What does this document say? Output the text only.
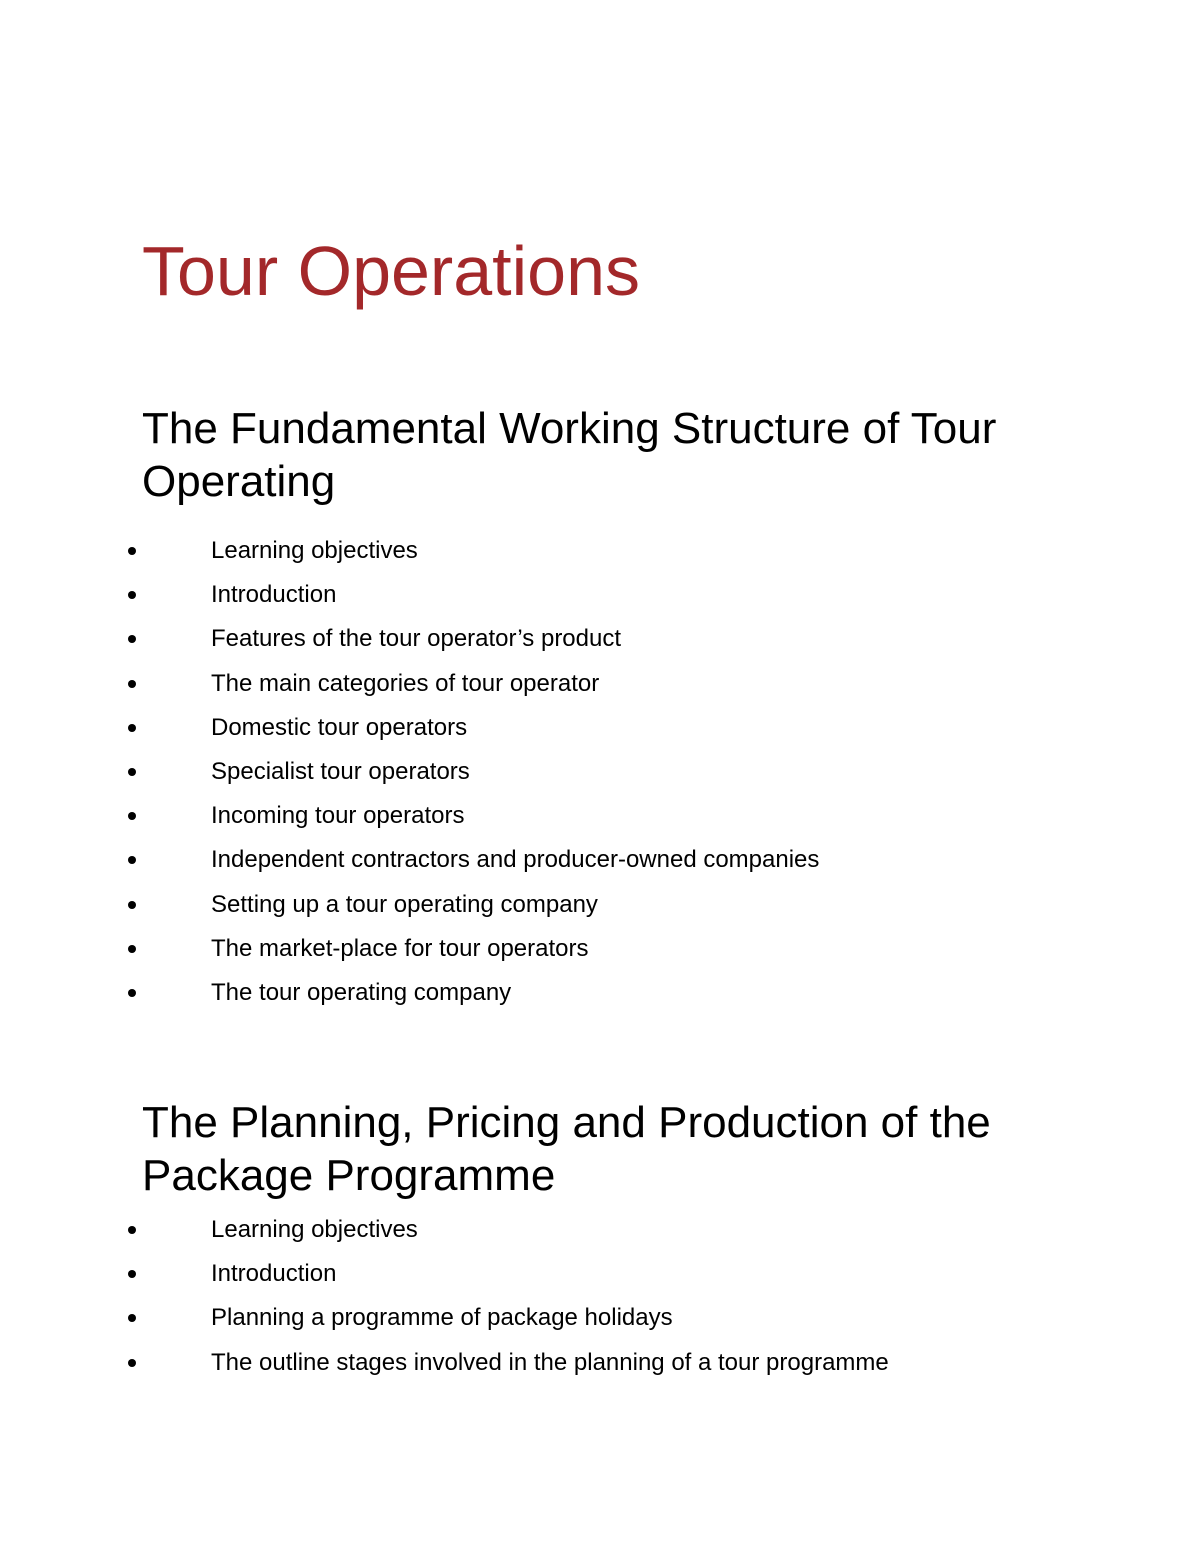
Tour Operations
The Fundamental Working Structure of Tour Operating
Learning objectives
Introduction
Features of the tour operator’s product
The main categories of tour operator
Domestic tour operators
Specialist tour operators
Incoming tour operators
Independent contractors and producer-owned companies
Setting up a tour operating company
The market-place for tour operators
The tour operating company
The Planning, Pricing and Production of the Package Programme
Learning objectives
Introduction
Planning a programme of package holidays
The outline stages involved in the planning of a tour programme
